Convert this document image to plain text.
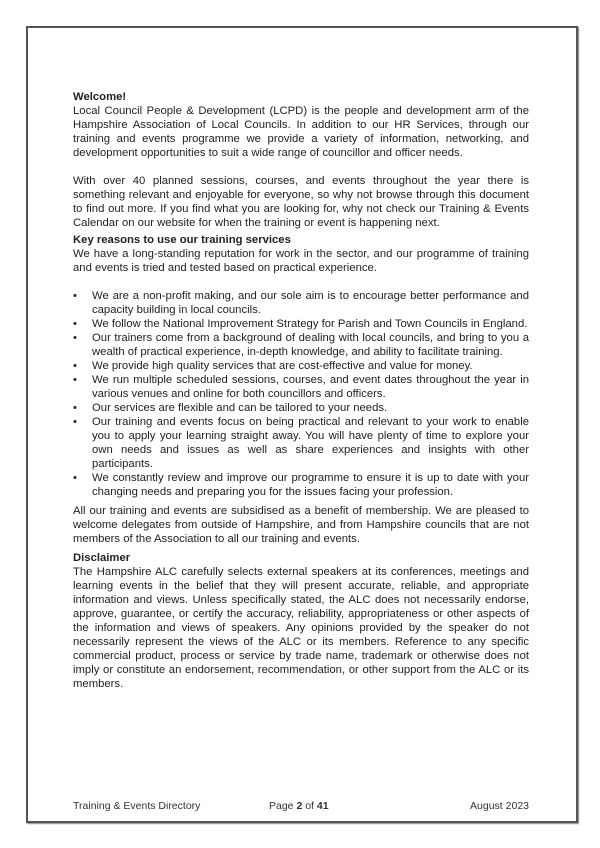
Welcome!

Local Council People & Development (LCPD) is the people and development arm of the Hampshire Association of Local Councils. In addition to our HR Services, through our training and events programme we provide a variety of information, networking, and development opportunities to suit a wide range of councillor and officer needs.

With over 40 planned sessions, courses, and events throughout the year there is something relevant and enjoyable for everyone, so why not browse through this document to find out more. If you find what you are looking for, why not check our Training & Events Calendar on our website for when the training or event is happening next.

Key reasons to use our training services

We have a long-standing reputation for work in the sector, and our programme of training and events is tried and tested based on practical experience.

• We are a non-profit making, and our sole aim is to encourage better performance and capacity building in local councils.
• We follow the National Improvement Strategy for Parish and Town Councils in England.
• Our trainers come from a background of dealing with local councils, and bring to you a wealth of practical experience, in-depth knowledge, and ability to facilitate training.
• We provide high quality services that are cost-effective and value for money.
• We run multiple scheduled sessions, courses, and event dates throughout the year in various venues and online for both councillors and officers.
• Our services are flexible and can be tailored to your needs.
• Our training and events focus on being practical and relevant to your work to enable you to apply your learning straight away. You will have plenty of time to explore your own needs and issues as well as share experiences and insights with other participants.
• We constantly review and improve our programme to ensure it is up to date with your changing needs and preparing you for the issues facing your profession.

All our training and events are subsidised as a benefit of membership. We are pleased to welcome delegates from outside of Hampshire, and from Hampshire councils that are not members of the Association to all our training and events.

Disclaimer

The Hampshire ALC carefully selects external speakers at its conferences, meetings and learning events in the belief that they will present accurate, reliable, and appropriate information and views. Unless specifically stated, the ALC does not necessarily endorse, approve, guarantee, or certify the accuracy, reliability, appropriateness or other aspects of the information and views of speakers. Any opinions provided by the speaker do not necessarily represent the views of the ALC or its members. Reference to any specific commercial product, process or service by trade name, trademark or otherwise does not imply or constitute an endorsement, recommendation, or other support from the ALC or its members.

Training & Events Directory	Page 2 of 41	August 2023
